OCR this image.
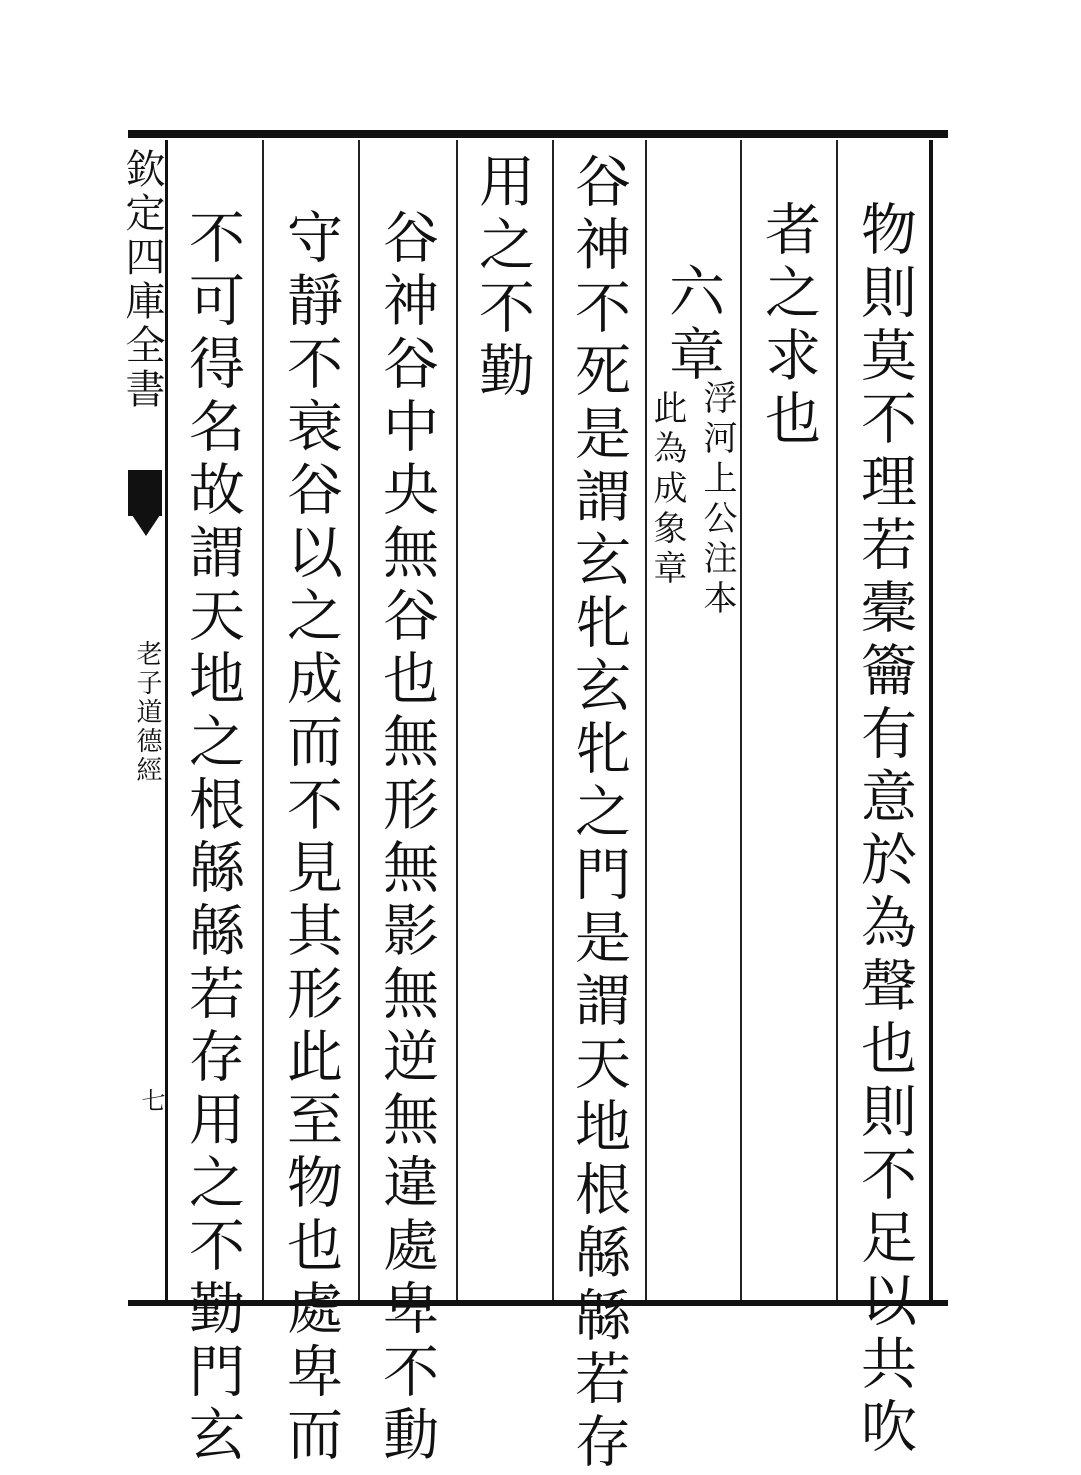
欽定四庫全書
老子道德經
七	物則莫不理若橐籥有意於為聲也則不足以共吹
者之求也
六章
浮河上公注本
此為成象章
谷神不死是謂玄牝玄牝之門是謂天地根緜緜若存
用之不勤
谷神谷中央無谷也無形無影無逆無違處卑不動
守靜不衰谷以之成而不見其形此至物也處卑而
不可得名故謂天地之根緜緜若存用之不勤門玄
